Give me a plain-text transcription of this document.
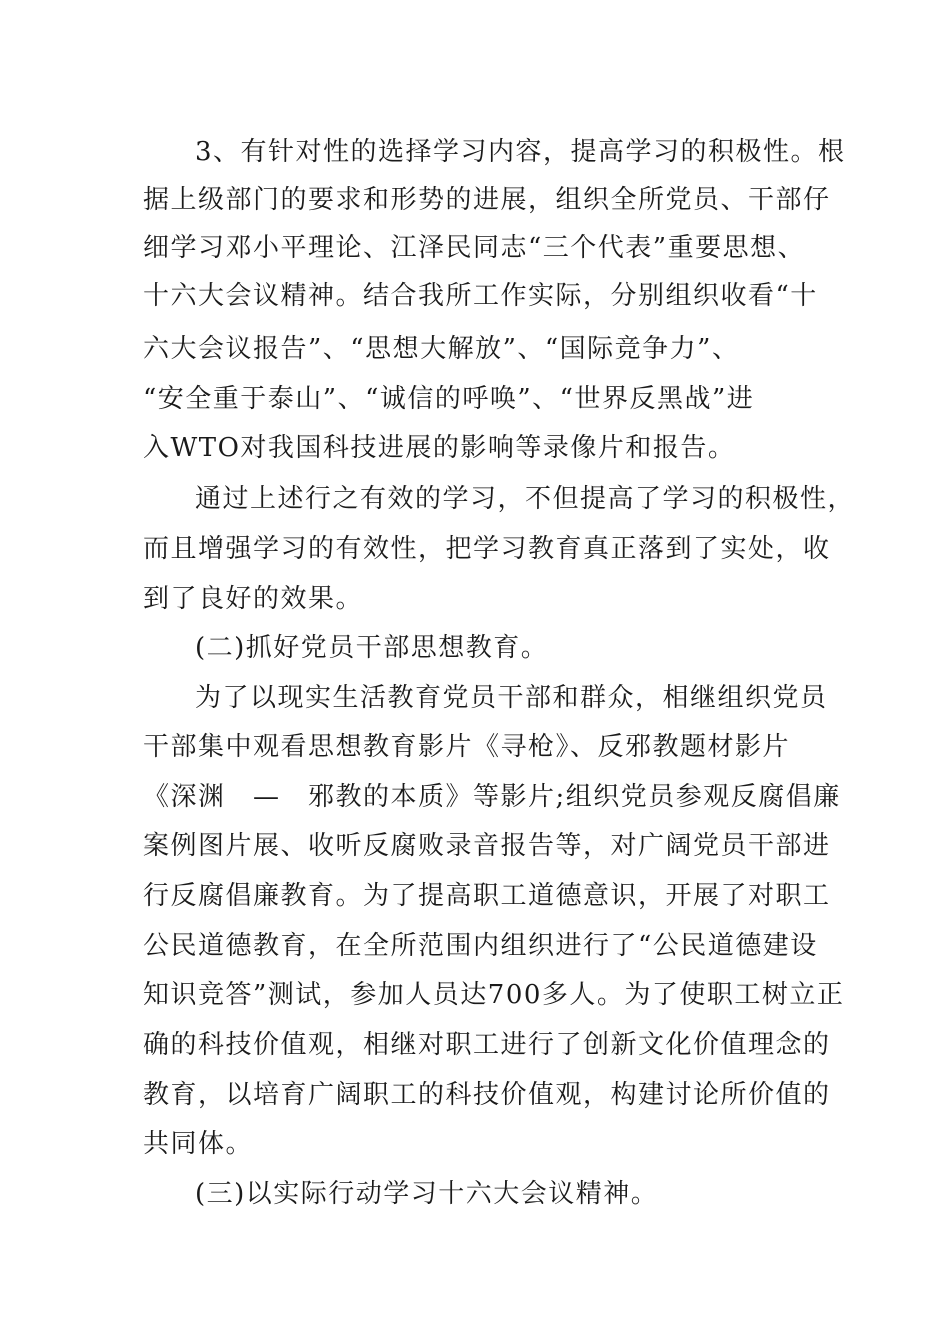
3、有针对性的选择学习内容，提高学习的积极性。根
据上级部门的要求和形势的进展，组织全所党员、干部仔
细学习邓小平理论、江泽民同志“三个代表”重要思想、
十六大会议精神。结合我所工作实际，分别组织收看“十
六大会议报告”、“思想大解放”、“国际竞争力”、
“安全重于泰山”、“诚信的呼唤”、“世界反黑战”进
入WTO对我国科技进展的影响等录像片和报告。
通过上述行之有效的学习，不但提高了学习的积极性，
而且增强学习的有效性，把学习教育真正落到了实处，收
到了良好的效果。
(二)抓好党员干部思想教育。
为了以现实生活教育党员干部和群众，相继组织党员
干部集中观看思想教育影片《寻枪》、反邪教题材影片
《深渊　—　邪教的本质》等影片;组织党员参观反腐倡廉
案例图片展、收听反腐败录音报告等，对广阔党员干部进
行反腐倡廉教育。为了提高职工道德意识，开展了对职工
公民道德教育，在全所范围内组织进行了“公民道德建设
知识竞答”测试，参加人员达700多人。为了使职工树立正
确的科技价值观，相继对职工进行了创新文化价值理念的
教育，以培育广阔职工的科技价值观，构建讨论所价值的
共同体。
(三)以实际行动学习十六大会议精神。
